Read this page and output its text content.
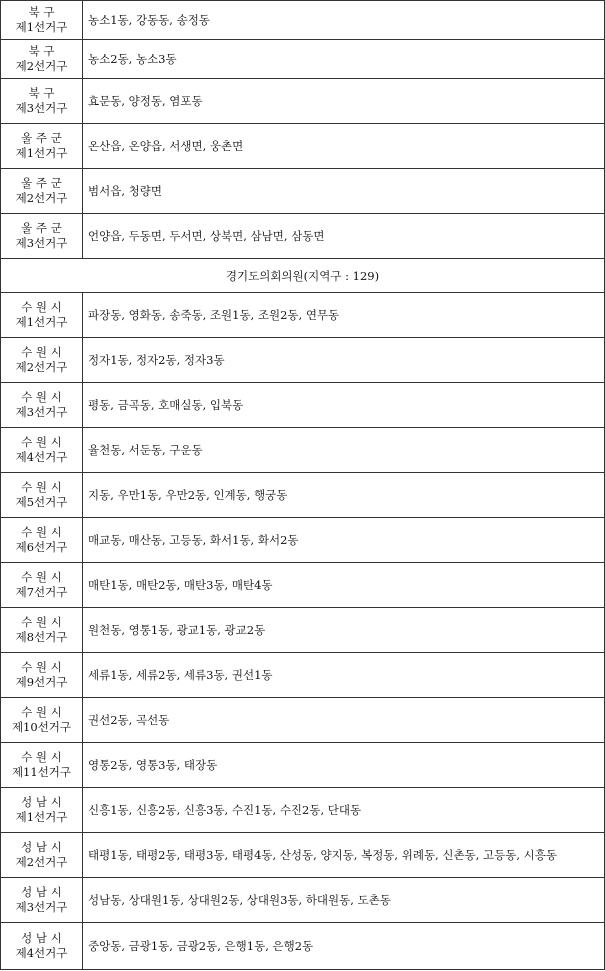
북 구
제1선거구	농소1동, 강동동, 송정동

북 구
제2선거구	농소2동, 농소3동

북 구
제3선거구	효문동, 양정동, 염포동

울 주 군
제1선거구	온산읍, 온양읍, 서생면, 웅촌면

울 주 군
제2선거구	범서읍, 청량면

울 주 군
제3선거구	언양읍, 두동면, 두서면, 상북면, 삼남면, 삼동면
경기도의회의원(지역구 : 129)	

수 원 시
제1선거구	파장동, 영화동, 송죽동, 조원1동, 조원2동, 연무동

수 원 시
제2선거구	정자1동, 정자2동, 정자3동

수 원 시
제3선거구	평동, 금곡동, 호매실동, 입북동

수 원 시
제4선거구	율천동, 서둔동, 구운동

수 원 시
제5선거구	지동, 우만1동, 우만2동, 인계동, 행궁동

수 원 시
제6선거구	매교동, 매산동, 고등동, 화서1동, 화서2동

수 원 시
제7선거구	매탄1동, 매탄2동, 매탄3동, 매탄4동

수 원 시
제8선거구	원천동, 영통1동, 광교1동, 광교2동

수 원 시
제9선거구	세류1동, 세류2동, 세류3동, 권선1동

수 원 시
제10선거구	권선2동, 곡선동

수 원 시
제11선거구	영통2동, 영통3동, 태장동

성 남 시
제1선거구	신흥1동, 신흥2동, 신흥3동, 수진1동, 수진2동, 단대동

성 남 시
제2선거구	태평1동, 태평2동, 태평3동, 태평4동, 산성동, 양지동, 복정동, 위례동, 신촌동, 고등동, 시흥동

성 남 시
제3선거구	성남동, 상대원1동, 상대원2동, 상대원3동, 하대원동, 도촌동

성 남 시
제4선거구	중앙동, 금광1동, 금광2동, 은행1동, 은행2동
